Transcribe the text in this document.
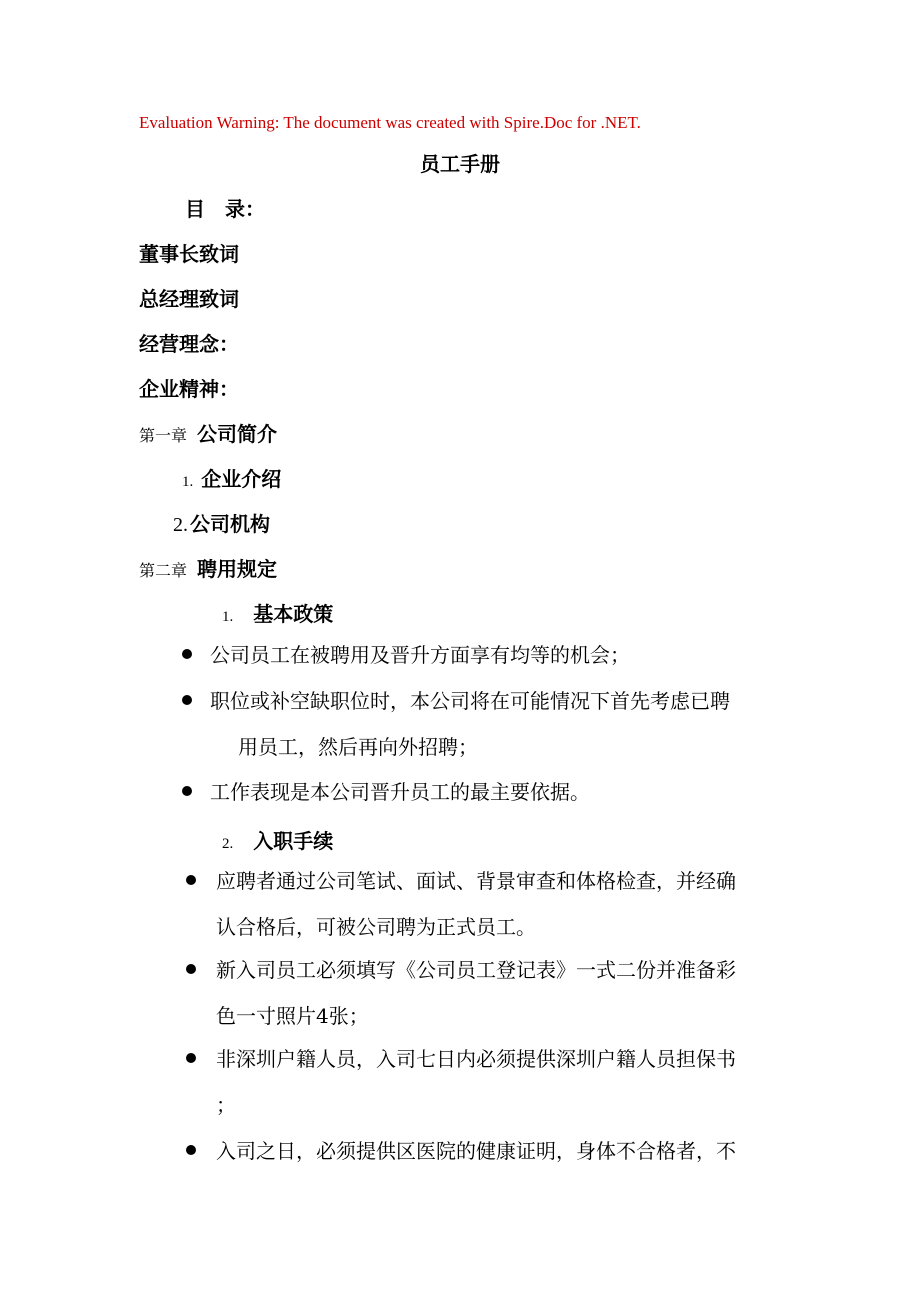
Evaluation Warning: The document was created with Spire.Doc for .NET.
员工手册
目　录：
董事长致词
总经理致词
经营理念：
企业精神：
第一章 公司简介
1. 企业介绍
2. 公司机构
第二章 聘用规定
1. 基本政策
公司员工在被聘用及晋升方面享有均等的机会；
职位或补空缺职位时，本公司将在可能情况下首先考虑已聘
用员工，然后再向外招聘；
工作表现是本公司晋升员工的最主要依据。
2. 入职手续
应聘者通过公司笔试、面试、背景审查和体格检查，并经确
认合格后，可被公司聘为正式员工。
新入司员工必须填写《公司员工登记表》一式二份并准备彩
色一寸照片4张；
非深圳户籍人员，入司七日内必须提供深圳户籍人员担保书
；
入司之日，必须提供区医院的健康证明，身体不合格者，不
